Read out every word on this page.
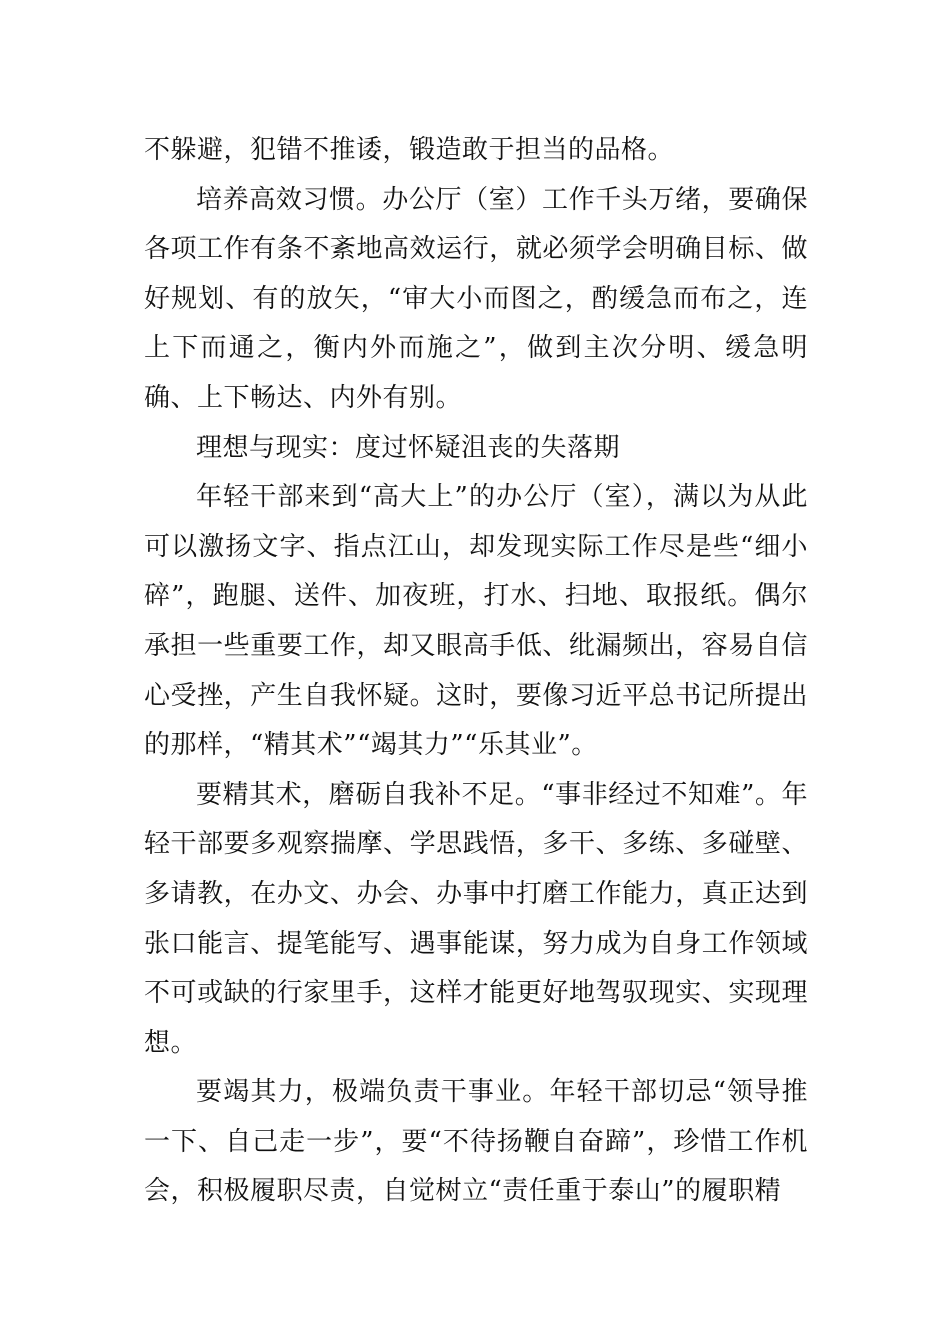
不躲避，犯错不推诿，锻造敢于担当的品格。

培养高效习惯。办公厅（室）工作千头万绪，要确保各项工作有条不紊地高效运行，就必须学会明确目标、做好规划、有的放矢，“审大小而图之，酌缓急而布之，连上下而通之，衡内外而施之”，做到主次分明、缓急明确、上下畅达、内外有别。

理想与现实：度过怀疑沮丧的失落期

年轻干部来到“高大上”的办公厅（室），满以为从此可以激扬文字、指点江山，却发现实际工作尽是些“细小碎”，跑腿、送件、加夜班，打水、扫地、取报纸。偶尔承担一些重要工作，却又眼高手低、纰漏频出，容易自信心受挫，产生自我怀疑。这时，要像习近平总书记所提出的那样，“精其术”“竭其力”“乐其业”。

要精其术，磨砺自我补不足。“事非经过不知难”。年轻干部要多观察揣摩、学思践悟，多干、多练、多碰壁、多请教，在办文、办会、办事中打磨工作能力，真正达到张口能言、提笔能写、遇事能谋，努力成为自身工作领域不可或缺的行家里手，这样才能更好地驾驭现实、实现理想。

要竭其力，极端负责干事业。年轻干部切忌“领导推一下、自己走一步”，要“不待扬鞭自奋蹄”，珍惜工作机会，积极履职尽责，自觉树立“责任重于泰山”的履职精
